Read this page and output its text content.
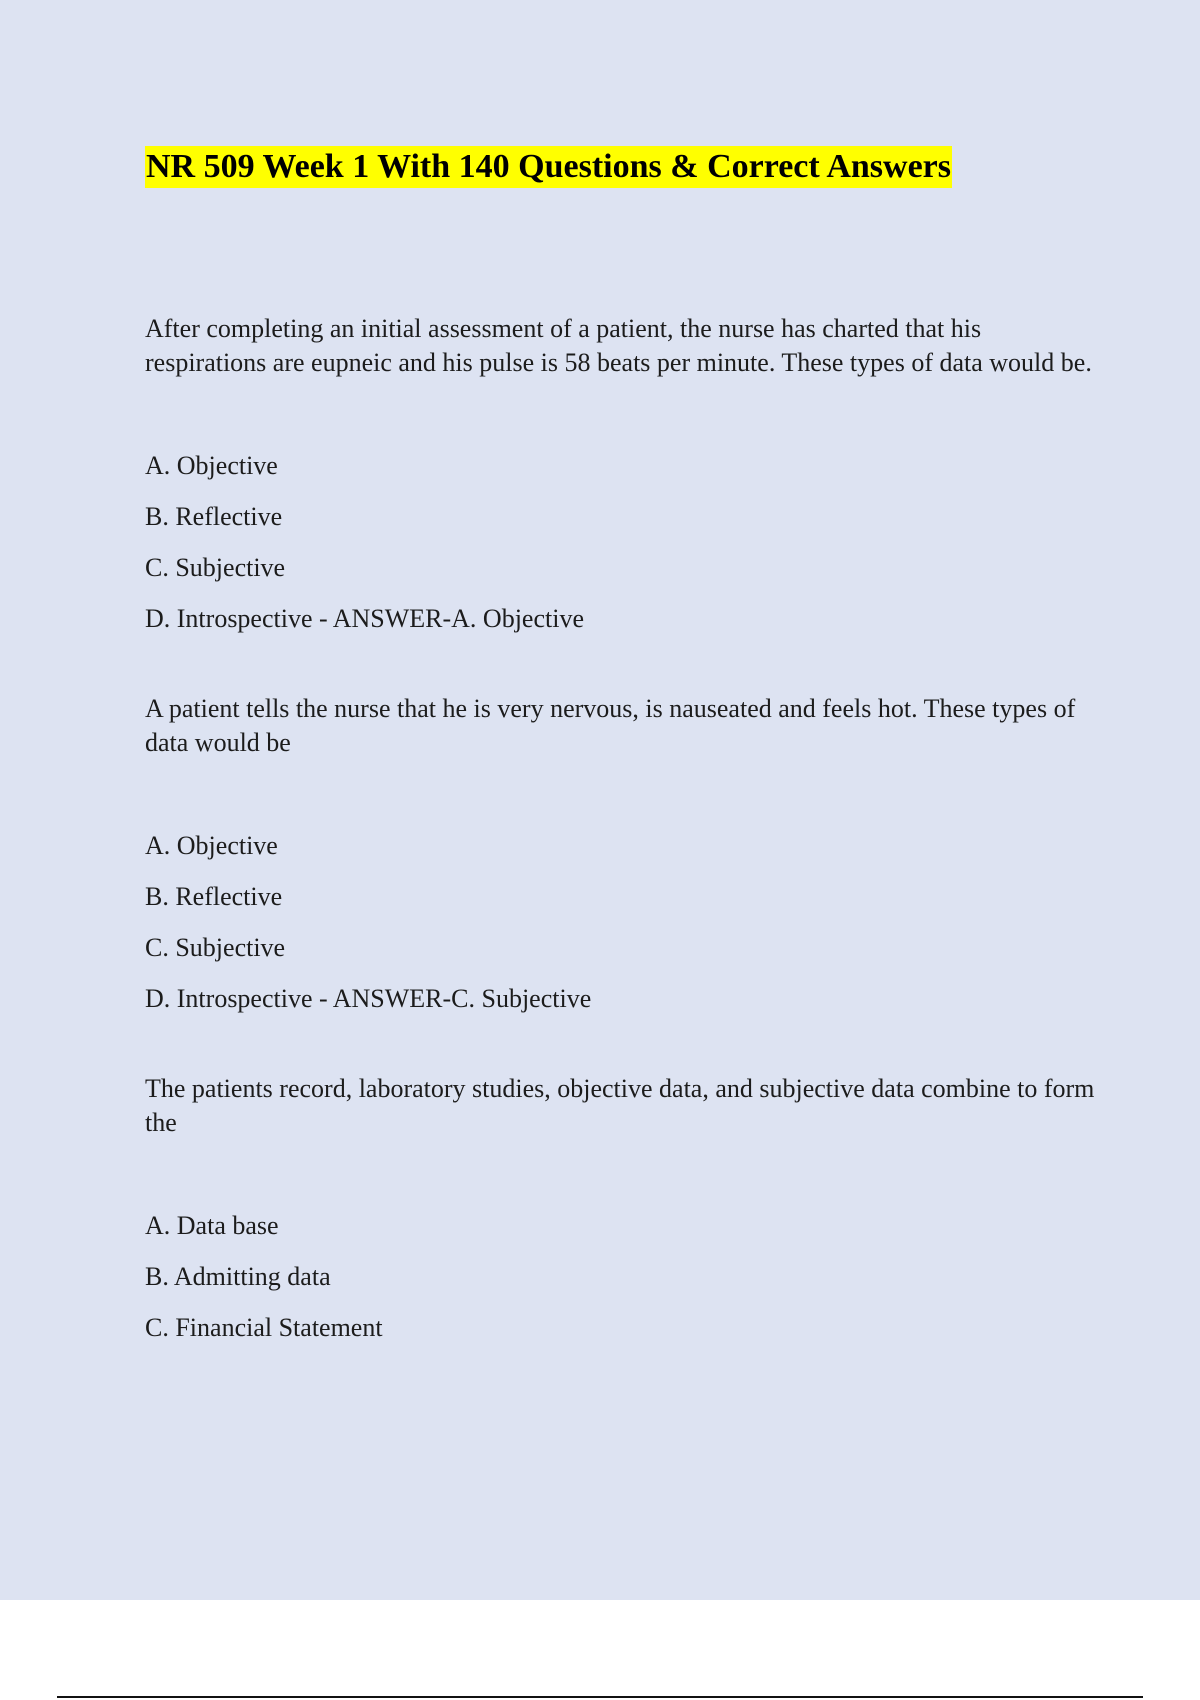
NR 509 Week 1 With 140 Questions & Correct Answers

After completing an initial assessment of a patient, the nurse has charted that his respirations are eupneic and his pulse is 58 beats per minute. These types of data would be.

A. Objective
B. Reflective
C. Subjective
D. Introspective - ANSWER-A. Objective

A patient tells the nurse that he is very nervous, is nauseated and feels hot. These types of data would be

A. Objective
B. Reflective
C. Subjective
D. Introspective - ANSWER-C. Subjective

The patients record, laboratory studies, objective data, and subjective data combine to form the

A. Data base
B. Admitting data
C. Financial Statement
